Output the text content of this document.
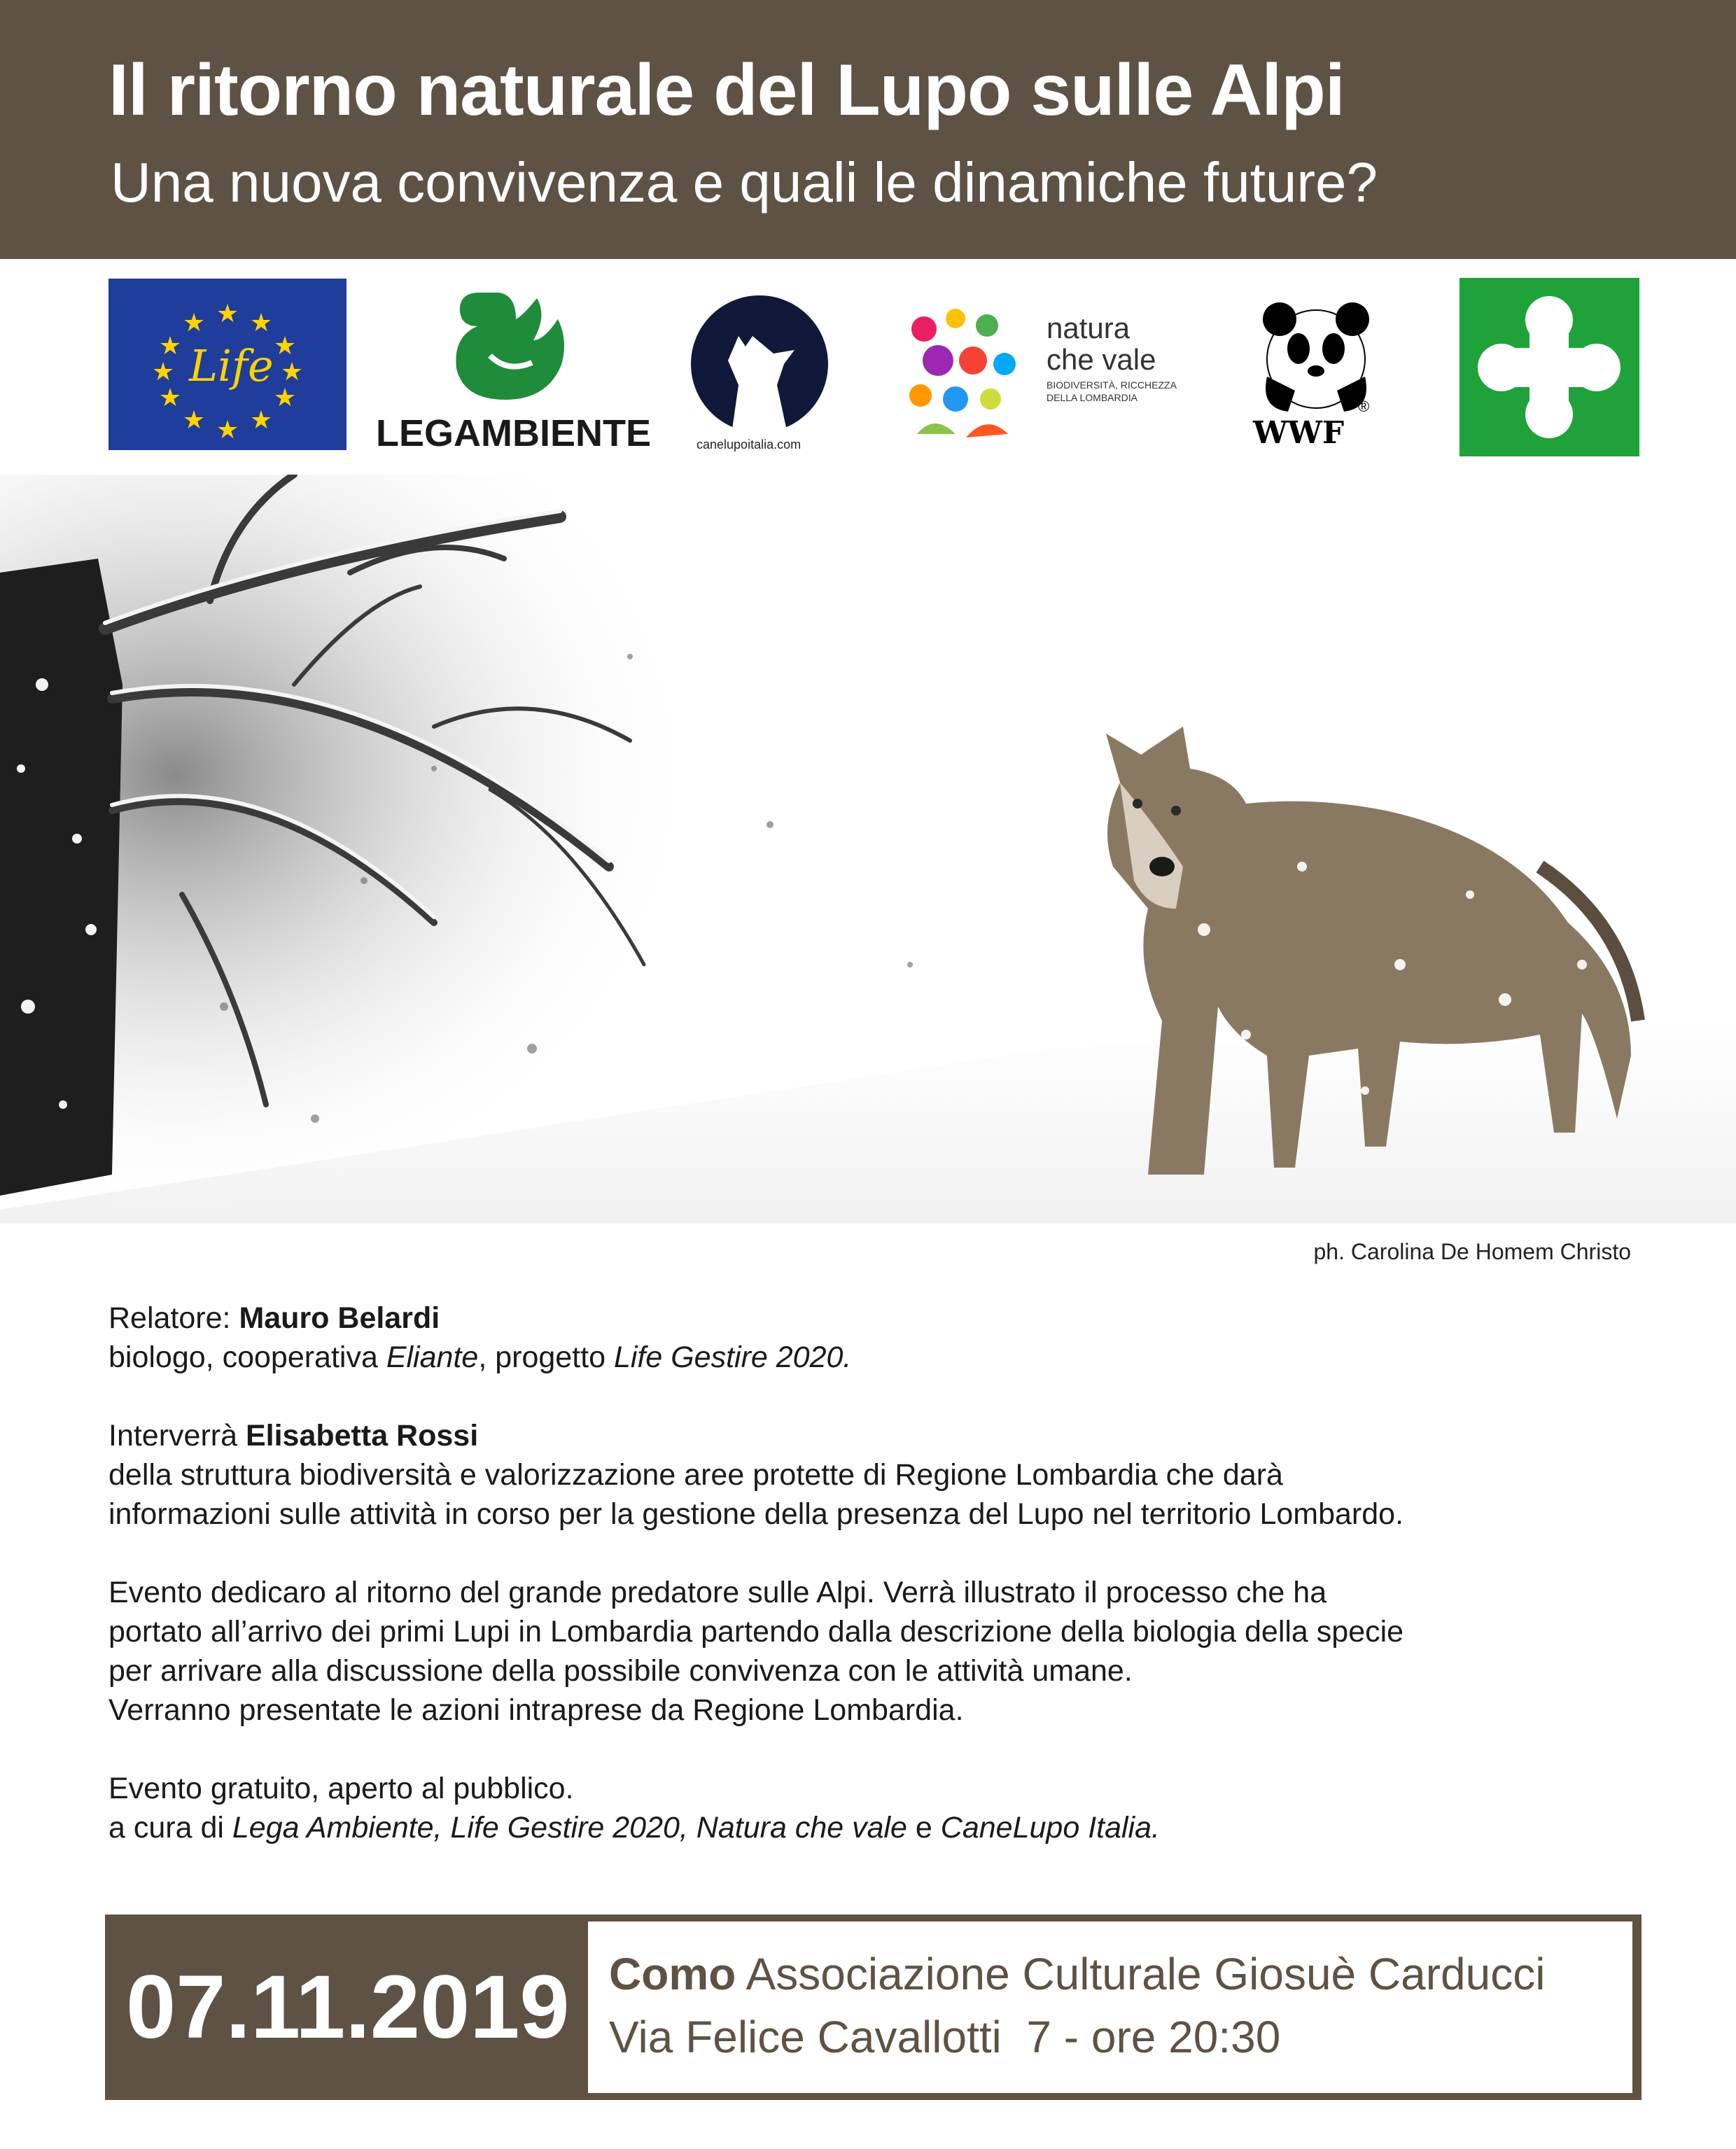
Il ritorno naturale del Lupo sulle Alpi
Una nuova convivenza e quali le dinamiche future?
★ ★
★
★
★
★
★
★
★
★
★
★
Life
LEGAMBIENTE	canelupoitalia.com
natura
che vale
BIODIVERSITÀ, RICCHEZZA
DELLA LOMBARDIA
WWF
®
ph. Carolina De Homem Christo

Relatore: Mauro Belardi
biologo, cooperativa Eliante, progetto Life Gestire 2020.

Interverrà Elisabetta Rossi
della struttura biodiversità e valorizzazione aree protette di Regione Lombardia che darà
informazioni sulle attività in corso per la gestione della presenza del Lupo nel territorio Lombardo.

Evento dedicaro al ritorno del grande predatore sulle Alpi. Verrà illustrato il processo che ha
portato all’arrivo dei primi Lupi in Lombardia partendo dalla descrizione della biologia della specie
per arrivare alla discussione della possibile convivenza con le attività umane.
Verranno presentate le azioni intraprese da Regione Lombardia.

Evento gratuito, aperto al pubblico.
a cura di Lega Ambiente, Life Gestire 2020, Natura che vale e CaneLupo Italia.

07.11.2019 Como Associazione Culturale Giosuè Carducci
Via Felice Cavallotti  7 - ore 20:30
